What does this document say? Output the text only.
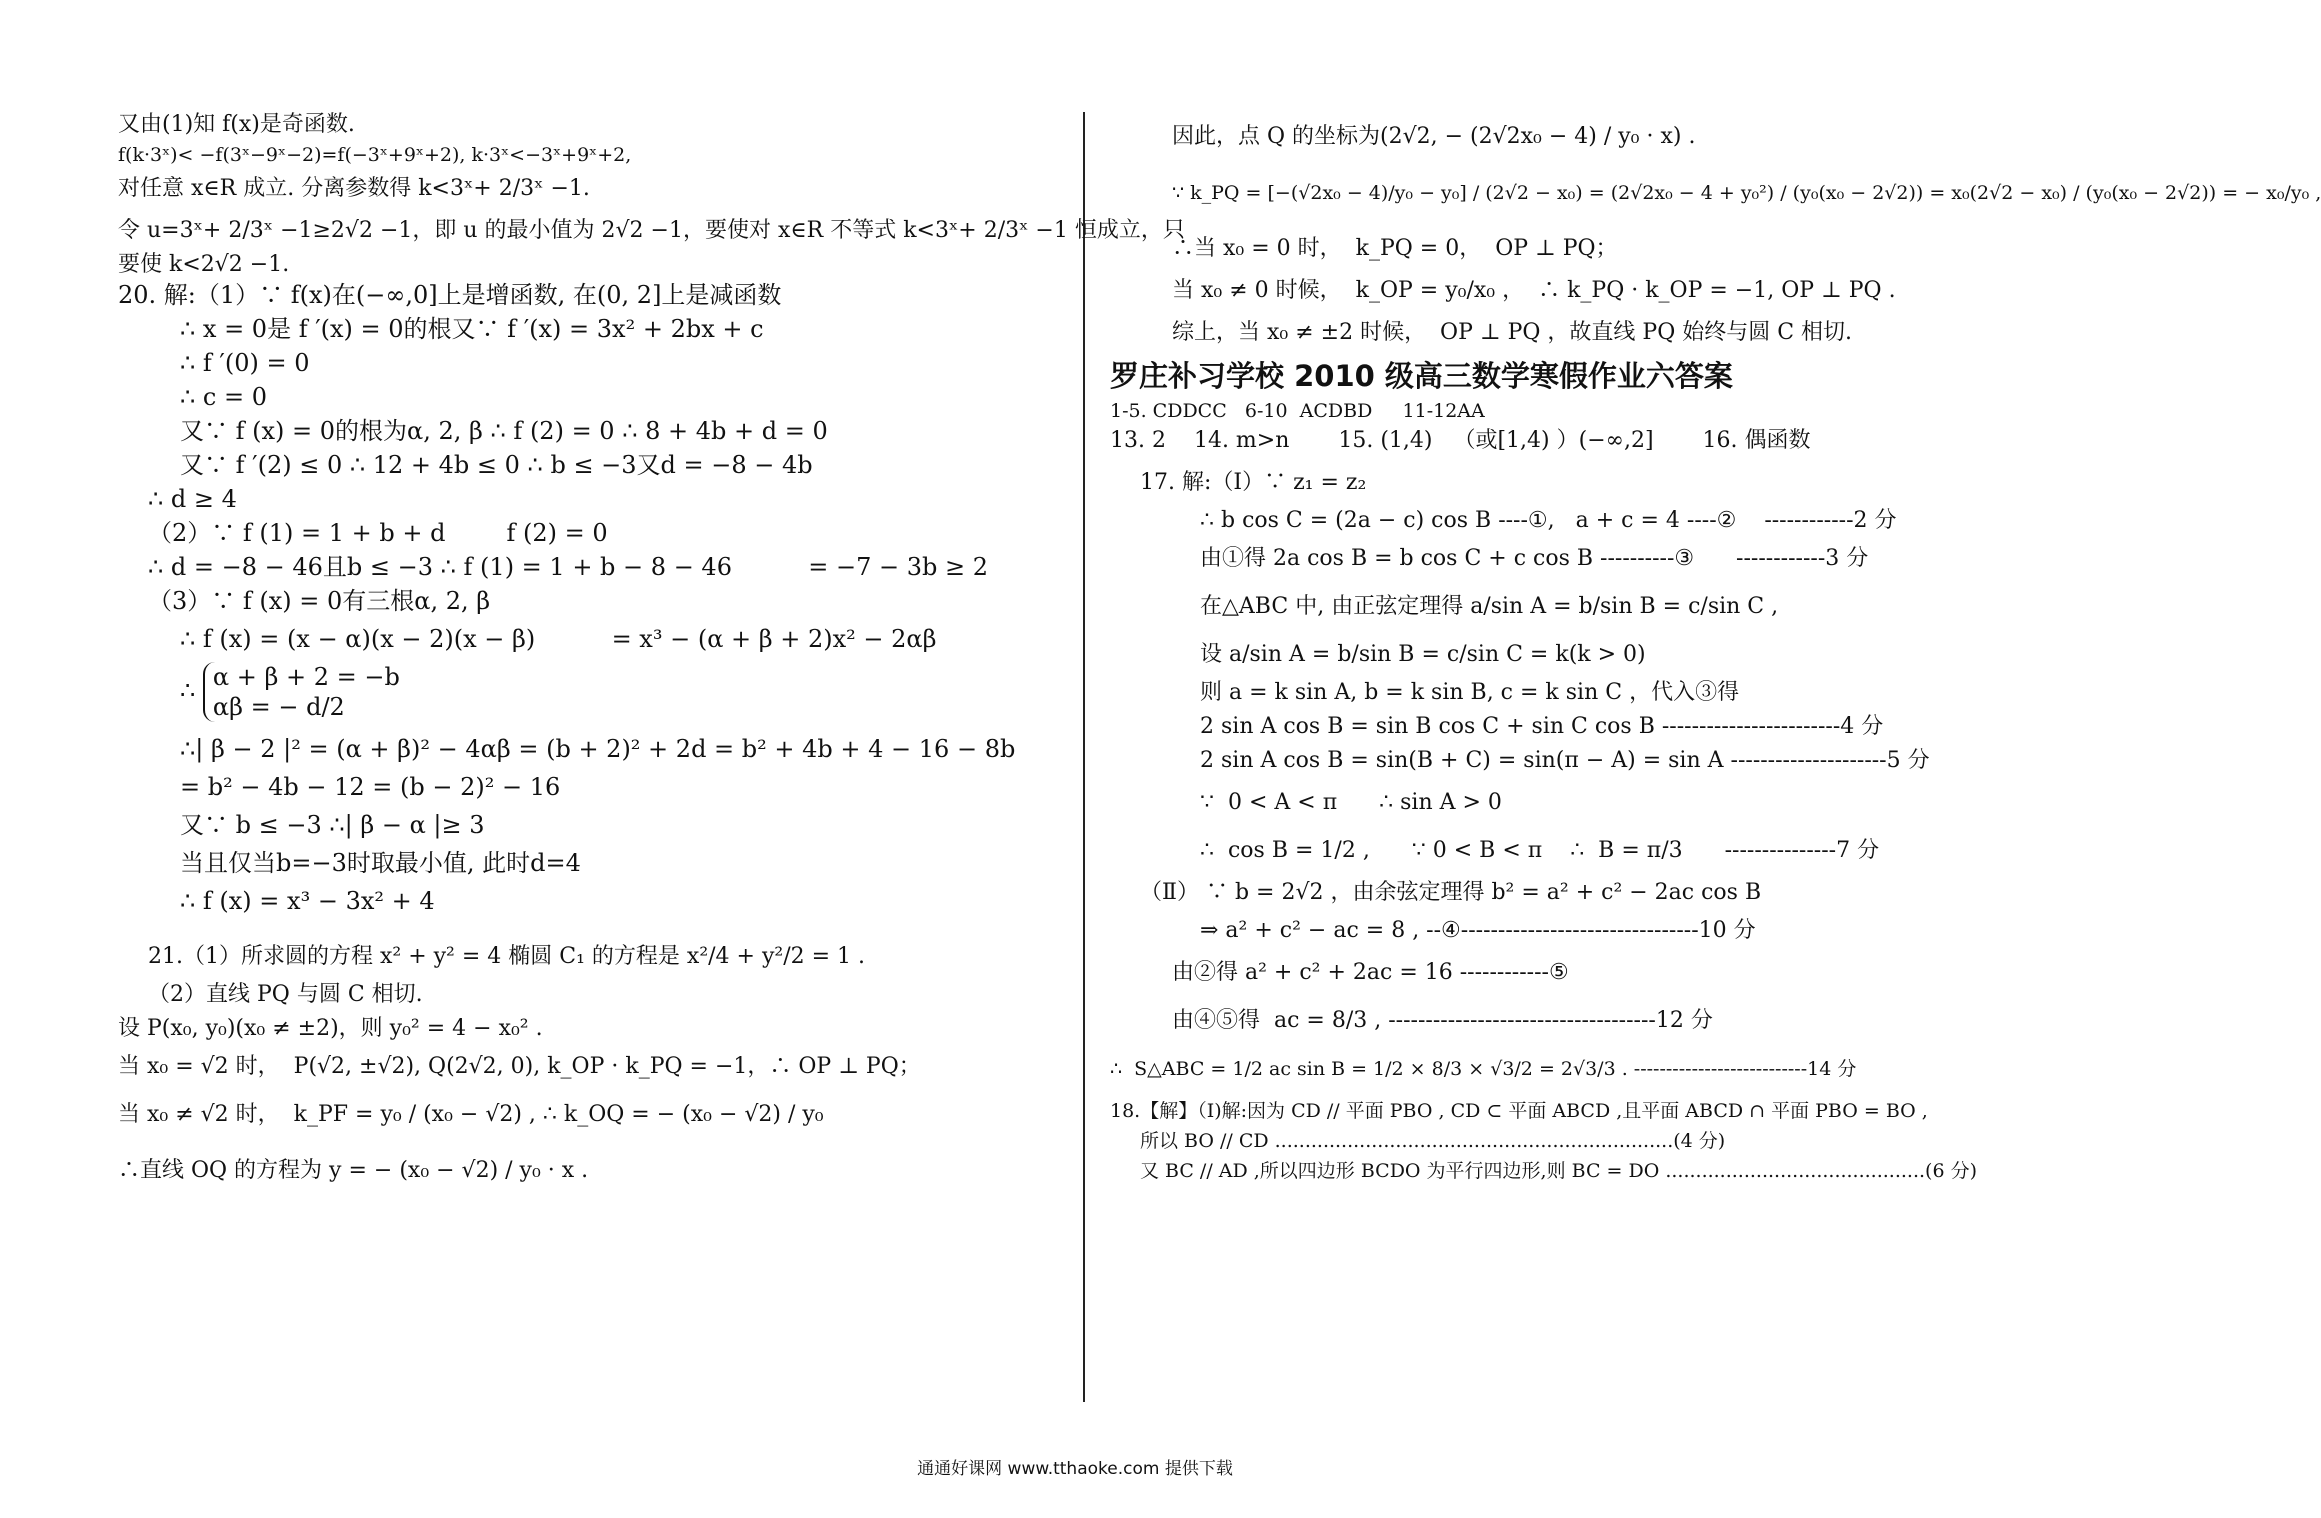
又由(1)知 f(x)是奇函数.
f(k·3ˣ)< −f(3ˣ−9ˣ−2)=f(−3ˣ+9ˣ+2), k·3ˣ<−3ˣ+9ˣ+2,
对任意 x∈R 成立. 分离参数得 k<3ˣ+ 2/3ˣ −1.
令 u=3ˣ+ 2/3ˣ −1≥2√2 −1，即 u 的最小值为 2√2 −1，要使对 x∈R 不等式 k<3ˣ+ 2/3ˣ −1 恒成立，只
要使 k<2√2 −1.
20. 解:（1）∵ f(x)在(−∞,0]上是增函数, 在(0, 2]上是减函数
∴ x = 0是 f ′(x) = 0的根又∵ f ′(x) = 3x² + 2bx + c
∴ f ′(0) = 0
∴ c = 0
又∵ f (x) = 0的根为α, 2, β ∴ f (2) = 0 ∴ 8 + 4b + d = 0
又∵ f ′(2) ≤ 0 ∴ 12 + 4b ≤ 0 ∴ b ≤ −3又d = −8 − 4b
∴ d ≥ 4
（2）∵ f (1) = 1 + b + d        f (2) = 0
∴ d = −8 − 46且b ≤ −3 ∴ f (1) = 1 + b − 8 − 46          = −7 − 3b ≥ 2
（3）∵ f (x) = 0有三根α, 2, β
∴ f (x) = (x − α)(x − 2)(x − β)          = x³ − (α + β + 2)x² − 2αβ
∴ α + β + 2 = −b
αβ = − d/2
∴| β − 2 |² = (α + β)² − 4αβ = (b + 2)² + 2d = b² + 4b + 4 − 16 − 8b
= b² − 4b − 12 = (b − 2)² − 16
又∵ b ≤ −3 ∴| β − α |≥ 3
当且仅当b=−3时取最小值, 此时d=4
∴ f (x) = x³ − 3x² + 4
21.（1）所求圆的方程 x² + y² = 4 椭圆 C₁ 的方程是 x²/4 + y²/2 = 1 .
（2）直线 PQ 与圆 C 相切.
设 P(x₀, y₀)(x₀ ≠ ±2)，则 y₀² = 4 − x₀² .
当 x₀ = √2 时，  P(√2, ±√2), Q(2√2, 0), k_OP · k_PQ = −1，∴ OP ⊥ PQ；
当 x₀ ≠ √2 时，  k_PF = y₀ / (x₀ − √2) , ∴ k_OQ = − (x₀ − √2) / y₀
∴直线 OQ 的方程为 y = − (x₀ − √2) / y₀ · x .
因此，点 Q 的坐标为(2√2, − (2√2x₀ − 4) / y₀ · x) .
∵ k_PQ = [−(√2x₀ − 4)/y₀ − y₀] / (2√2 − x₀) = (2√2x₀ − 4 + y₀²) / (y₀(x₀ − 2√2)) = x₀(2√2 − x₀) / (y₀(x₀ − 2√2)) = − x₀/y₀ ,
∴当 x₀ = 0 时，  k_PQ = 0，  OP ⊥ PQ；
当 x₀ ≠ 0 时候，  k_OP = y₀/x₀ ，  ∴ k_PQ · k_OP = −1, OP ⊥ PQ .
综上，当 x₀ ≠ ±2 时候，  OP ⊥ PQ ，故直线 PQ 始终与圆 C 相切.
罗庄补习学校 2010 级高三数学寒假作业六答案
1-5. CDDCC   6-10  ACDBD     11-12AA
13. 2    14. m>n       15. (1,4)   （或[1,4) ）(−∞,2]       16. 偶函数
17. 解:（Ⅰ）∵ z₁ = z₂
∴ b cos C = (2a − c) cos B ----①,   a + c = 4 ----②    ------------2 分
由①得 2a cos B = b cos C + c cos B ----------③      ------------3 分
在△ABC 中, 由正弦定理得 a/sin A = b/sin B = c/sin C ,
设 a/sin A = b/sin B = c/sin C = k(k > 0)
则 a = k sin A, b = k sin B, c = k sin C ，代入③得
2 sin A cos B = sin B cos C + sin C cos B ------------------------4 分
2 sin A cos B = sin(B + C) = sin(π − A) = sin A ---------------------5 分
∵  0 < A < π      ∴ sin A > 0
∴  cos B = 1/2 ,      ∵ 0 < B < π    ∴  B = π/3      ---------------7 分
（Ⅱ） ∵ b = 2√2 ，由余弦定理得 b² = a² + c² − 2ac cos B
⇒ a² + c² − ac = 8 , --④--------------------------------10 分
由②得 a² + c² + 2ac = 16 ------------⑤
由④⑤得  ac = 8/3 , ------------------------------------12 分
∴  S△ABC = 1/2 ac sin B = 1/2 × 8/3 × √3/2 = 2√3/3 . ---------------------------14 分
18.【解】（Ⅰ)解:因为 CD // 平面 PBO , CD ⊂ 平面 ABCD ,且平面 ABCD ∩ 平面 PBO = BO ,
所以 BO // CD ..................................................................(4 分)
又 BC // AD ,所以四边形 BCDO 为平行四边形,则 BC = DO ...........................................(6 分)
通通好课网 www.tthaoke.com 提供下载
